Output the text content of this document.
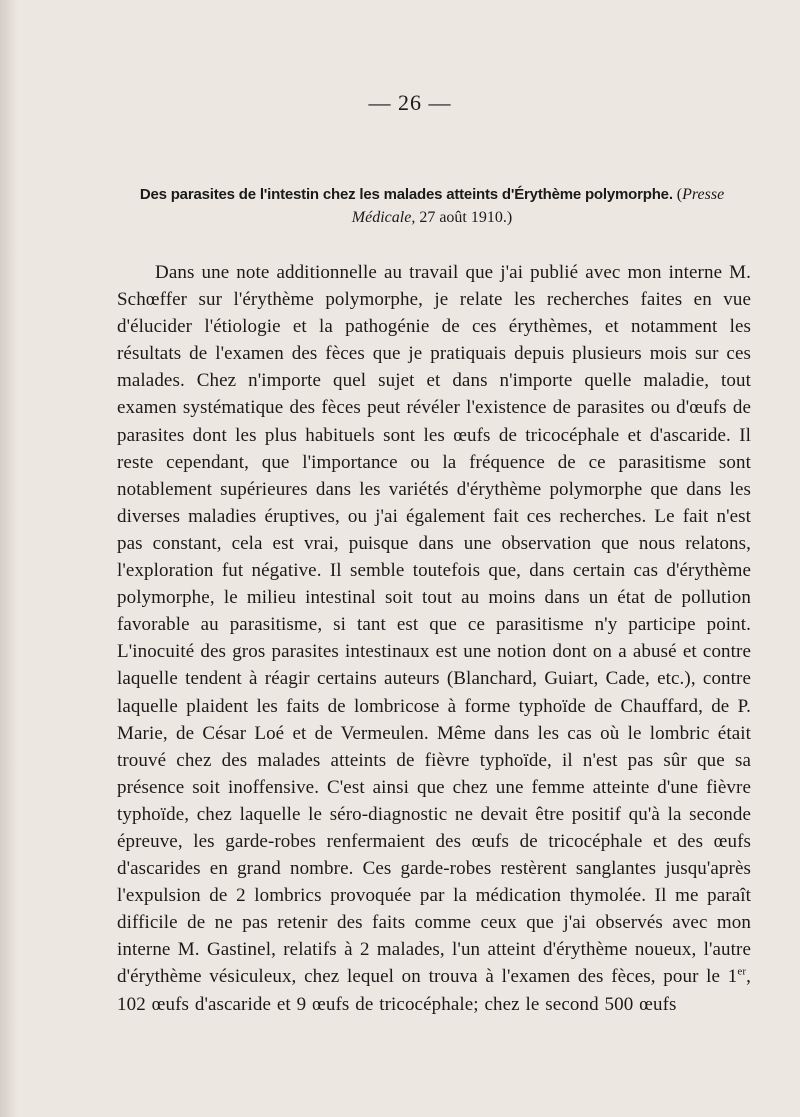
— 26 —
Des parasites de l'intestin chez les malades atteints d'Érythème polymorphe. (Presse Médicale, 27 août 1910.)

Dans une note additionnelle au travail que j'ai publié avec mon interne M. Schœffer sur l'érythème polymorphe, je relate les recherches faites en vue d'élucider l'étiologie et la pathogénie de ces érythèmes, et notamment les résultats de l'examen des fèces que je pratiquais depuis plusieurs mois sur ces malades. Chez n'importe quel sujet et dans n'importe quelle maladie, tout examen systématique des fèces peut révéler l'existence de parasites ou d'œufs de parasites dont les plus habituels sont les œufs de tricocéphale et d'ascaride. Il reste cependant, que l'importance ou la fréquence de ce parasitisme sont notablement supérieures dans les variétés d'érythème polymorphe que dans les diverses maladies éruptives, ou j'ai également fait ces recherches. Le fait n'est pas constant, cela est vrai, puisque dans une observation que nous relatons, l'exploration fut négative. Il semble toutefois que, dans certain cas d'érythème polymorphe, le milieu intestinal soit tout au moins dans un état de pollution favorable au parasitisme, si tant est que ce parasitisme n'y participe point. L'inocuité des gros parasites intestinaux est une notion dont on a abusé et contre laquelle tendent à réagir certains auteurs (Blanchard, Guiart, Cade, etc.), contre laquelle plaident les faits de lombricose à forme typhoïde de Chauffard, de P. Marie, de César Loé et de Vermeulen. Même dans les cas où le lombric était trouvé chez des malades atteints de fièvre typhoïde, il n'est pas sûr que sa présence soit inoffensive. C'est ainsi que chez une femme atteinte d'une fièvre typhoïde, chez laquelle le séro-diagnostic ne devait être positif qu'à la seconde épreuve, les garde-robes renfermaient des œufs de tricocéphale et des œufs d'ascarides en grand nombre. Ces garde-robes restèrent sanglantes jusqu'après l'expulsion de 2 lombrics provoquée par la médication thymolée. Il me paraît difficile de ne pas retenir des faits comme ceux que j'ai observés avec mon interne M. Gastinel, relatifs à 2 malades, l'un atteint d'érythème noueux, l'autre d'érythème vésiculeux, chez lequel on trouva à l'examen des fèces, pour le 1er, 102 œufs d'ascaride et 9 œufs de tricocéphale; chez le second 500 œufs
